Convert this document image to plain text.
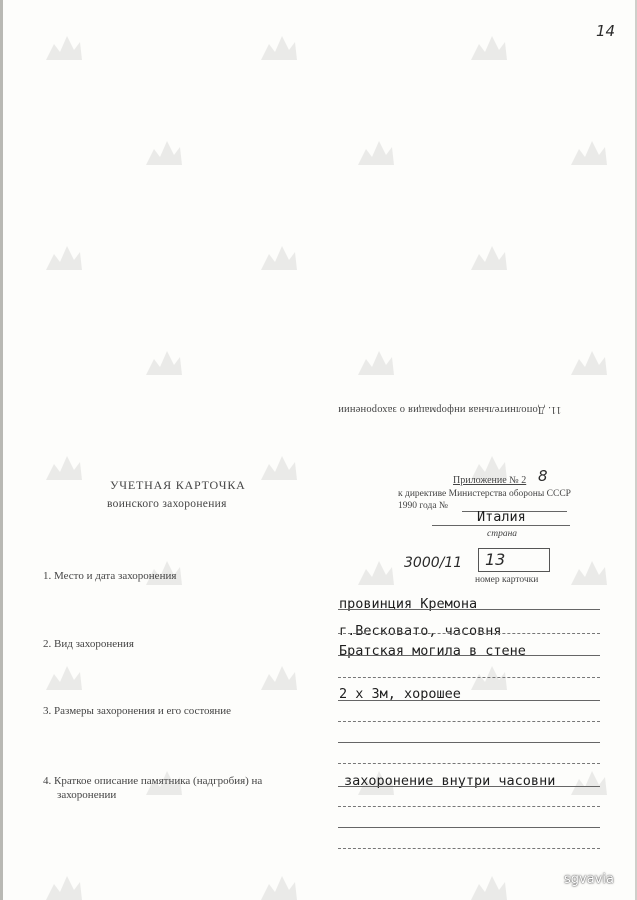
14
11. Дополнительная информация о захоронении
УЧЕТНАЯ КАРТОЧКА
воинского захоронения
Приложение № 2 8
к директиве Министерства обороны СССР
1990 года №
Италия
страна
3000/11	13
номер карточки
1. Место и дата захоронения
2. Вид захоронения
3. Размеры захоронения и его состояние
4. Краткое описание памятника (надгробия) на
захоронении
провинция Кремона
г.Весковато, часовня
Братская могила в стене
2 х 3м, хорошее
захоронение внутри часовни
sgvavia
